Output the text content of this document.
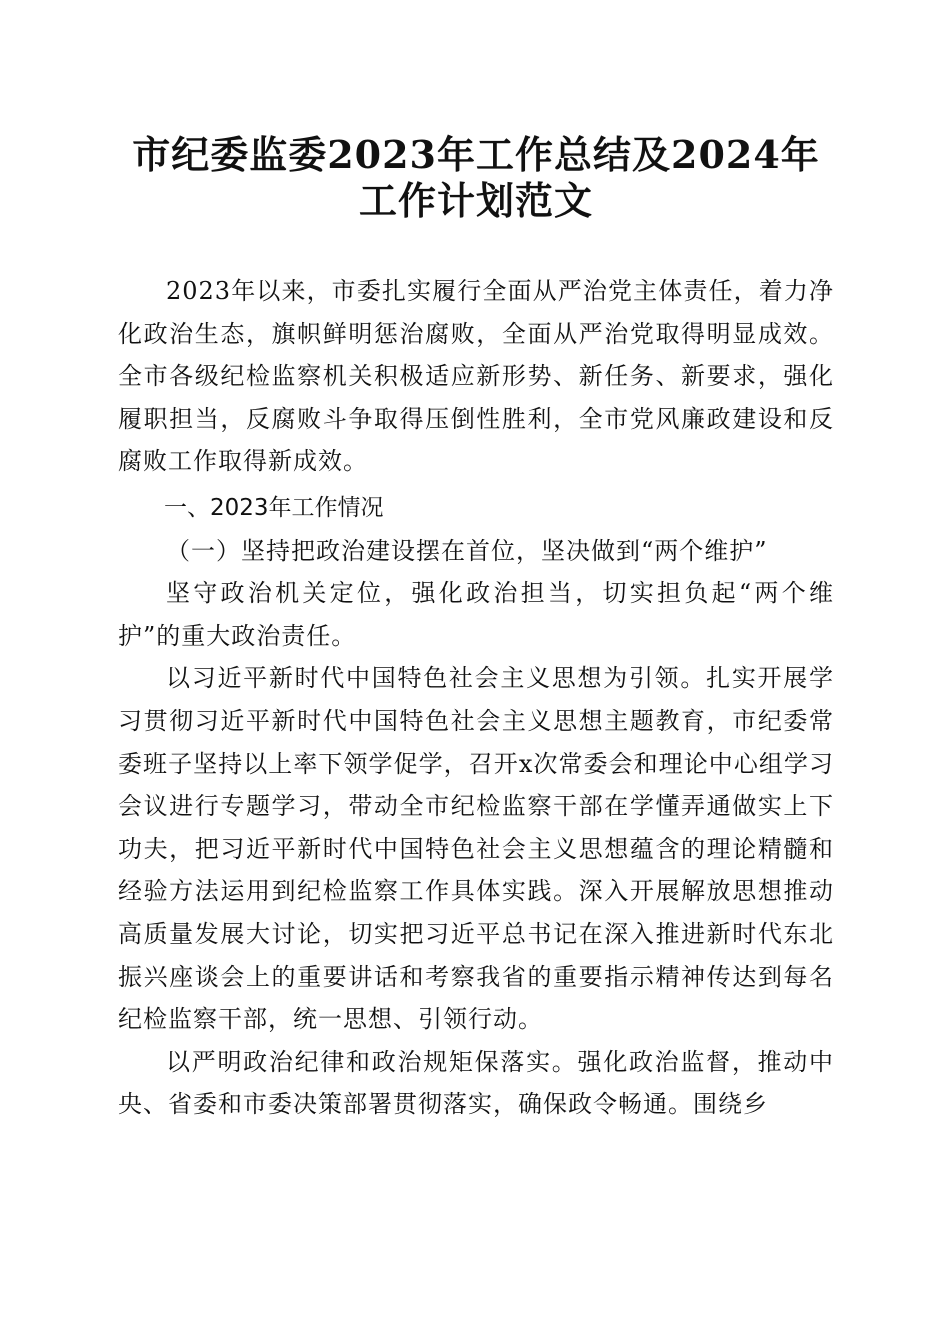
市纪委监委2023年工作总结及2024年工作计划范文

2023年以来，市委扎实履行全面从严治党主体责任，着力净化政治生态，旗帜鲜明惩治腐败，全面从严治党取得明显成效。全市各级纪检监察机关积极适应新形势、新任务、新要求，强化履职担当，反腐败斗争取得压倒性胜利，全市党风廉政建设和反腐败工作取得新成效。

一、2023年工作情况

（一）坚持把政治建设摆在首位，坚决做到“两个维护”

坚守政治机关定位，强化政治担当，切实担负起“两个维护”的重大政治责任。

以习近平新时代中国特色社会主义思想为引领。扎实开展学习贯彻习近平新时代中国特色社会主义思想主题教育，市纪委常委班子坚持以上率下领学促学，召开x次常委会和理论中心组学习会议进行专题学习，带动全市纪检监察干部在学懂弄通做实上下功夫，把习近平新时代中国特色社会主义思想蕴含的理论精髓和经验方法运用到纪检监察工作具体实践。深入开展解放思想推动高质量发展大讨论，切实把习近平总书记在深入推进新时代东北振兴座谈会上的重要讲话和考察我省的重要指示精神传达到每名纪检监察干部，统一思想、引领行动。

以严明政治纪律和政治规矩保落实。强化政治监督，推动中央、省委和市委决策部署贯彻落实，确保政令畅通。围绕乡
